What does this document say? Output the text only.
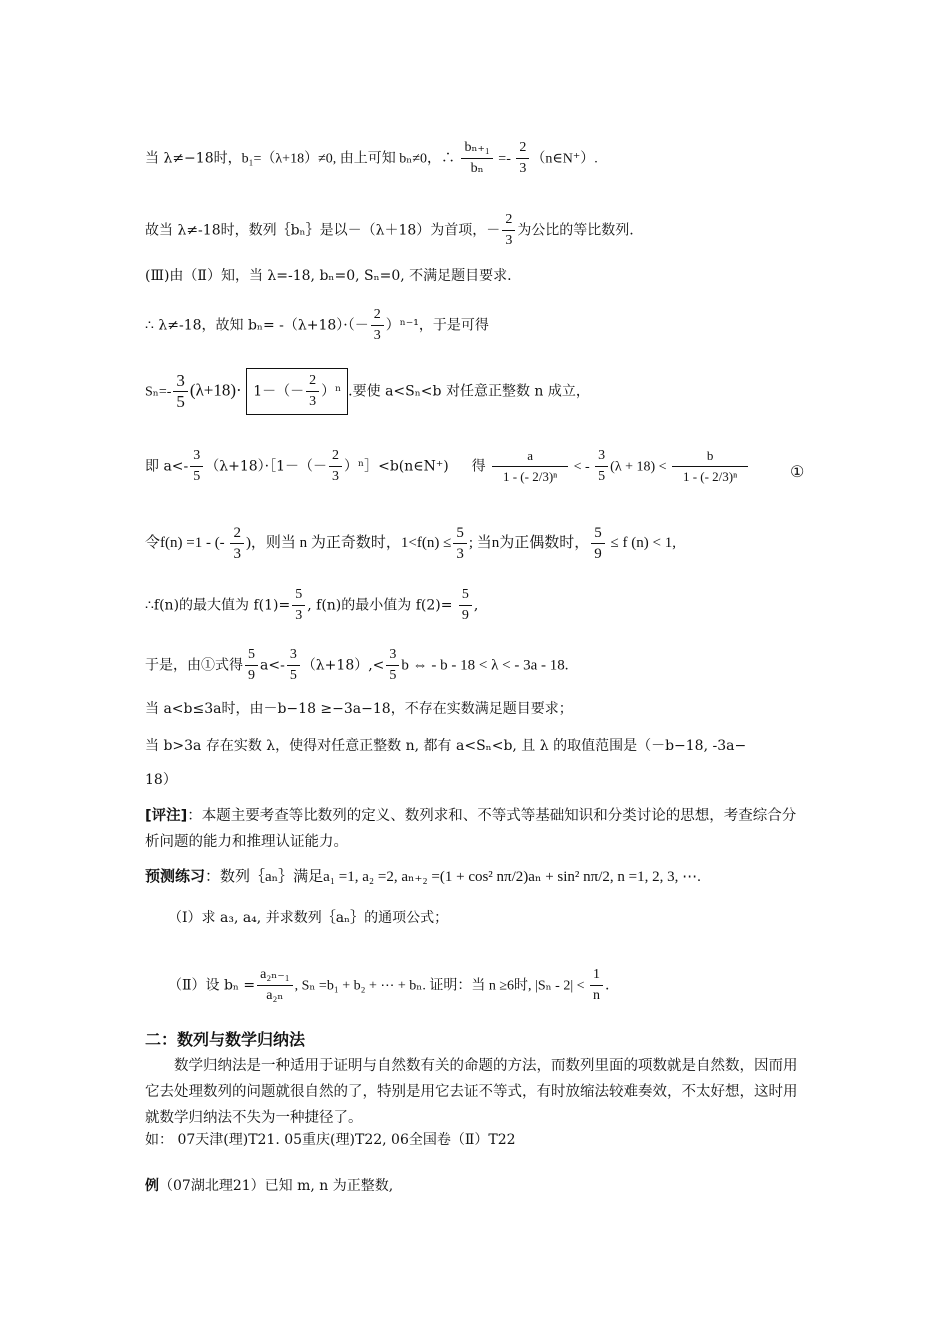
当 λ≠−18时，b₁=（λ+18）≠0, 由上可知 bₙ≠0，∴ $\frac{\text{bₙ₊₁}}{\text{bₙ}} =- \frac{2}{3}$ （n∈N⁺）.
故当 λ≠-18时，数列｛bₙ｝是以－（λ＋18）为首项，－ $\frac{2}{3}$ 为公比的等比数列.
(Ⅲ)由（Ⅱ）知，当 λ=-18, bₙ=0, Sₙ=0, 不满足题目要求.
∴ λ≠-18，故知 $b_n= -(\lambda+18)\cdot(- \frac{2}{3} )^{n-1}$，于是可得
$S_n=- \frac{3}{5} (\lambda+18)\cdot 1-(- \frac{2}{3} )^n$ .要使 a<Sₙ<b 对任意正整数 n 成立，
即 $a<- \frac{3}{5}$ （λ+18）·［1－（－ $\frac{2}{3}$ ）ⁿ］<b(n∈N⁺) 得 $\frac{a}{\text{1 - (- 2/3)ⁿ}}$ < - $\frac{3}{5} (\lambda + 18) < \frac{b}{\text{1 - (- 2/3)ⁿ}}$	①
令f(n) =1 - (- $\frac{2}{3}$ )，则当 n 为正奇数时，$1<f(n) \le \frac{5}{3}$ ; 当n为正偶数时， $\frac{5}{9} \le f$ (n) < 1,
∴f(n)的最大值为 $f(1)= \frac{5}{3}$ , f(n)的最小值为 $f(2)= \frac{5}{9}$ ,
于是，由①式得 $\frac{5}{9} a<- \frac{3}{5} (\lambda+18),< \frac{3}{5}$ b ⇔ - b - 18 < λ < - 3a - 18.
当 a<b≤3a时，由－b−18 ≥−3a−18，不存在实数满足题目要求；
当 b>3a 存在实数 λ，使得对任意正整数 n, 都有 a<Sₙ<b, 且 λ 的取值范围是（－b−18, -3a−
18）
[评注]：本题主要考查等比数列的定义、数列求和、不等式等基础知识和分类讨论的思想，考查综合分析问题的能力和推理认证能力。
预测练习：数列｛aₙ｝满足a₁ =1, a₂ =2, aₙ₊₂ =(1 + cos² nπ/2)aₙ + sin² nπ/2, n =1, 2, 3, ⋯.
（Ⅰ）求 a₃, a₄, 并求数列｛aₙ｝的通项公式；
（Ⅱ）设 $b_n = \frac{\text{a₂ₙ₋₁}}{\text{a₂ₙ}}$ , Sₙ =b₁ + b₂ + ⋯ + bₙ. 证明：当 n ≥6时, $|S_n - 2| < \frac{1}{n}$ .
二：数列与数学归纳法
数学归纳法是一种适用于证明与自然数有关的命题的方法，而数列里面的项数就是自然数，因而用它去处理数列的问题就很自然的了，特别是用它去证不等式，有时放缩法较难奏效，不太好想，这时用就数学归纳法不失为一种捷径了。
如： 07天津(理)T21. 05重庆(理)T22, 06全国卷（Ⅱ）T22
例（07湖北理21）已知 m, n 为正整数,
